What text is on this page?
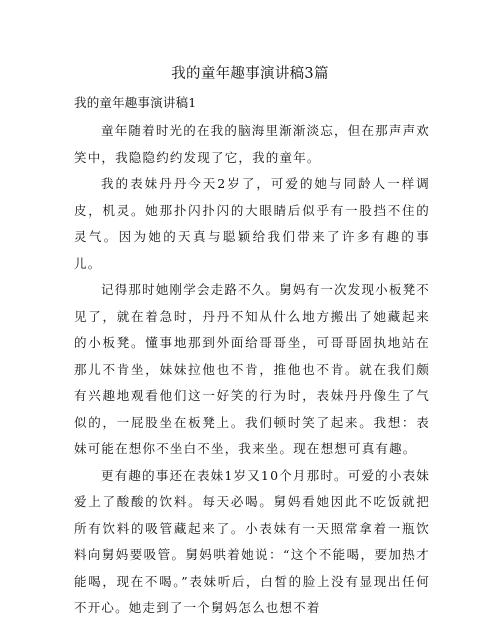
我的童年趣事演讲稿3篇
我的童年趣事演讲稿1

童年随着时光的在我的脑海里渐渐淡忘，但在那声声欢笑中，我隐隐约约发现了它，我的童年。

我的表妹丹丹今天2岁了，可爱的她与同龄人一样调皮，机灵。她那扑闪扑闪的大眼睛后似乎有一股挡不住的灵气。因为她的天真与聪颖给我们带来了许多有趣的事儿。

记得那时她刚学会走路不久。舅妈有一次发现小板凳不见了，就在着急时，丹丹不知从什么地方搬出了她藏起来的小板凳。懂事地那到外面给哥哥坐，可哥哥固执地站在那儿不肯坐，妹妹拉他也不肯，推他也不肯。就在我们颇有兴趣地观看他们这一好笑的行为时，表妹丹丹像生了气似的，一屁股坐在板凳上。我们顿时笑了起来。我想：表妹可能在想你不坐白不坐，我来坐。现在想想可真有趣。

更有趣的事还在表妹1岁又10个月那时。可爱的小表妹爱上了酸酸的饮料。每天必喝。舅妈看她因此不吃饭就把所有饮料的吸管藏起来了。小表妹有一天照常拿着一瓶饮料向舅妈要吸管。舅妈哄着她说：“这个不能喝，要加热才能喝，现在不喝。”表妹听后，白皙的脸上没有显现出任何不开心。她走到了一个舅妈怎么也想不着
